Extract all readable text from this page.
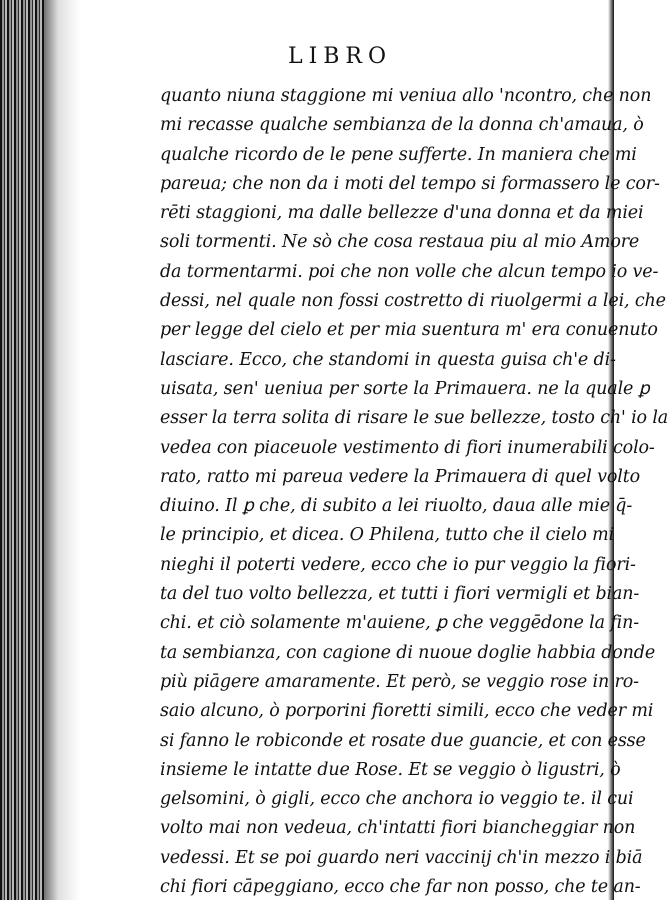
LIBRO
quanto niuna staggione mi veniua allo 'ncontro, che non
mi recasse qualche sembianza de la donna ch'amaua, ò
qualche ricordo de le pene sufferte. In maniera che mi
pareua; che non da i moti del tempo si formassero le cor-
rēti staggioni, ma dalle bellezze d'una donna et da miei
soli tormenti. Ne sò che cosa restaua piu al mio Amore
da tormentarmi. poi che non volle che alcun tempo io ve-
dessi, nel quale non fossi costretto di riuolgermi a lei, che
per legge del cielo et per mia suentura m' era conuenuto
lasciare. Ecco, che standomi in questa guisa ch'e di-
uisata, sen' ueniua per sorte la Primauera. ne la quale ꝑ
esser la terra solita di risare le sue bellezze, tosto ch' io la
vedea con piaceuole vestimento di fiori inumerabili colo-
rato, ratto mi pareua vedere la Primauera di quel volto
diuino. Il ꝑ che, di subito a lei riuolto, daua alle mie q̄-
le principio, et dicea. O Philena, tutto che il cielo mi
nieghi il poterti vedere, ecco che io pur veggio la fiori-
ta del tuo volto bellezza, et tutti i fiori vermigli et bian-
chi. et ciò solamente m'auiene, ꝑ che veggēdone la fin-
ta sembianza, con cagione di nuoue doglie habbia donde
più piāgere amaramente. Et però, se veggio rose in ro-
saio alcuno, ò porporini fioretti simili, ecco che veder mi
si fanno le robiconde et rosate due guancie, et con esse
insieme le intatte due Rose. Et se veggio ò ligustri, ò
gelsomini, ò gigli, ecco che anchora io veggio te. il cui
volto mai non vedeua, ch'intatti fiori biancheggiar non
vedessi. Et se poi guardo neri vaccinij ch'in mezzo i biā
chi fiori cāpeggiano, ecco che far non posso, che te an-
